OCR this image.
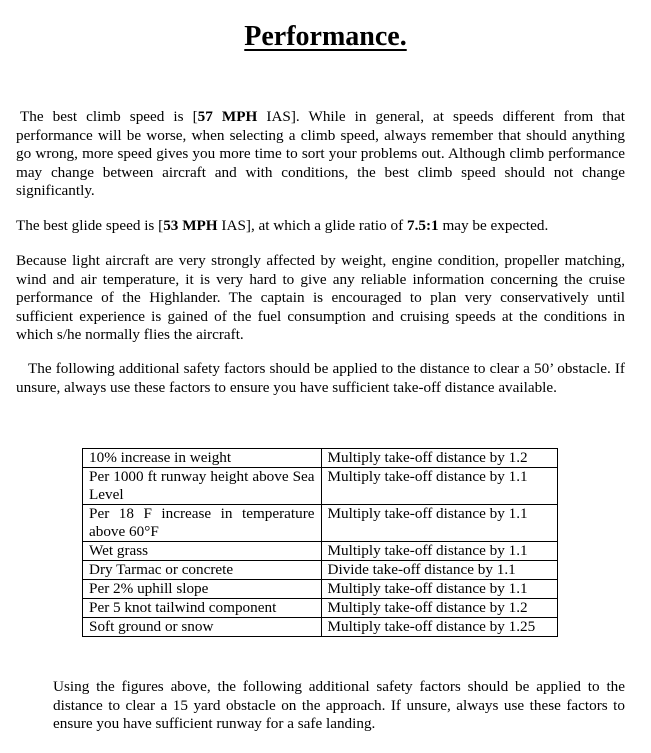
Performance.

The best climb speed is [57 MPH IAS]. While in general, at speeds different from that performance will be worse, when selecting a climb speed, always remember that should anything go wrong, more speed gives you more time to sort your problems out. Although climb performance may change between aircraft and with conditions, the best climb speed should not change significantly.

The best glide speed is [53 MPH IAS], at which a glide ratio of 7.5:1 may be expected.

Because light aircraft are very strongly affected by weight, engine condition, propeller matching, wind and air temperature, it is very hard to give any reliable information concerning the cruise performance of the Highlander. The captain is encouraged to plan very conservatively until sufficient experience is gained of the fuel consumption and cruising speeds at the conditions in which s/he normally flies the aircraft.

The following additional safety factors should be applied to the distance to clear a 50’ obstacle. If unsure, always use these factors to ensure you have sufficient take-off distance available.

10% increase in weight	Multiply take-off distance by 1.2
Per 1000 ft runway height above Sea Level	Multiply take-off distance by 1.1
Per 18 F increase in temperature above 60°F	Multiply take-off distance by 1.1
Wet grass	Multiply take-off distance by 1.1
Dry Tarmac or concrete	Divide take-off distance by 1.1
Per 2% uphill slope	Multiply take-off distance by 1.1
Per 5 knot tailwind component	Multiply take-off distance by 1.2
Soft ground or snow	Multiply take-off distance by 1.25

Using the figures above, the following additional safety factors should be applied to the distance to clear a 15 yard obstacle on the approach. If unsure, always use these factors to ensure you have sufficient runway for a safe landing.
